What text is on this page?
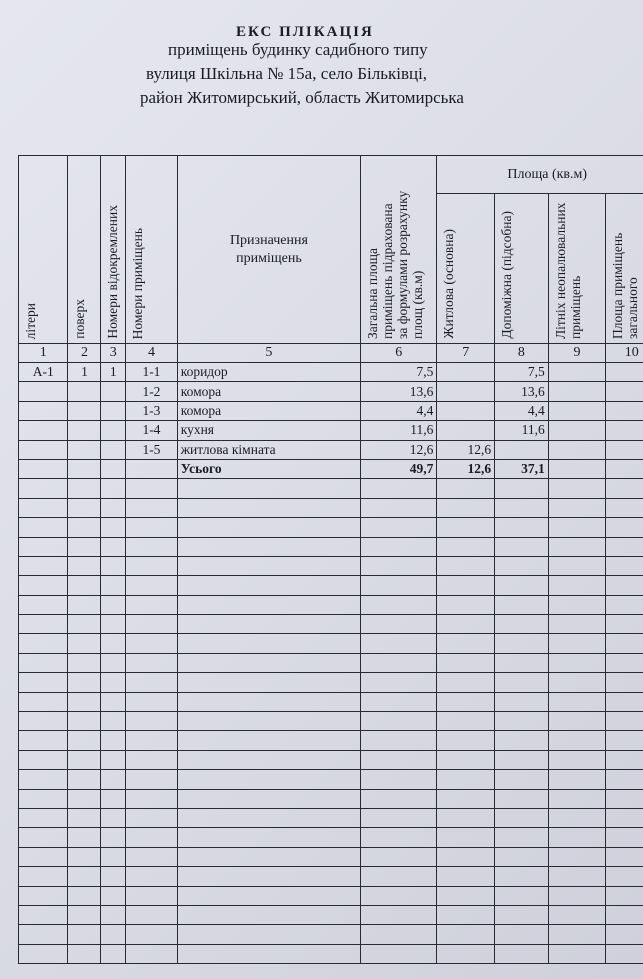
ЕКС ПЛІКАЦІЯ
приміщень будинку садибного типу
вулиця Шкільна № 15а, село Більківці,
район Житомирський, область Житомирська
літери	поверх	Номери відокремлених	Номери приміщень	Призначення приміщень	Загальна площа приміщень підрахована за формулами розрахунку площ (кв.м)	Площа (кв.м)			

						Житлова (основна)	Допоміжна (підсобна)	Літніх неопалювальних приміщень	Площа приміщень загального

1	2	3	4	5	6	7	8	9	10
А-1	1	1	1-1	коридор	7,5		7,5		
			1-2	комора	13,6		13,6		
			1-3	комора	4,4		4,4		
			1-4	кухня	11,6		11,6		
			1-5	житлова кімната	12,6	12,6			
				Усього	49,7	12,6	37,1		
